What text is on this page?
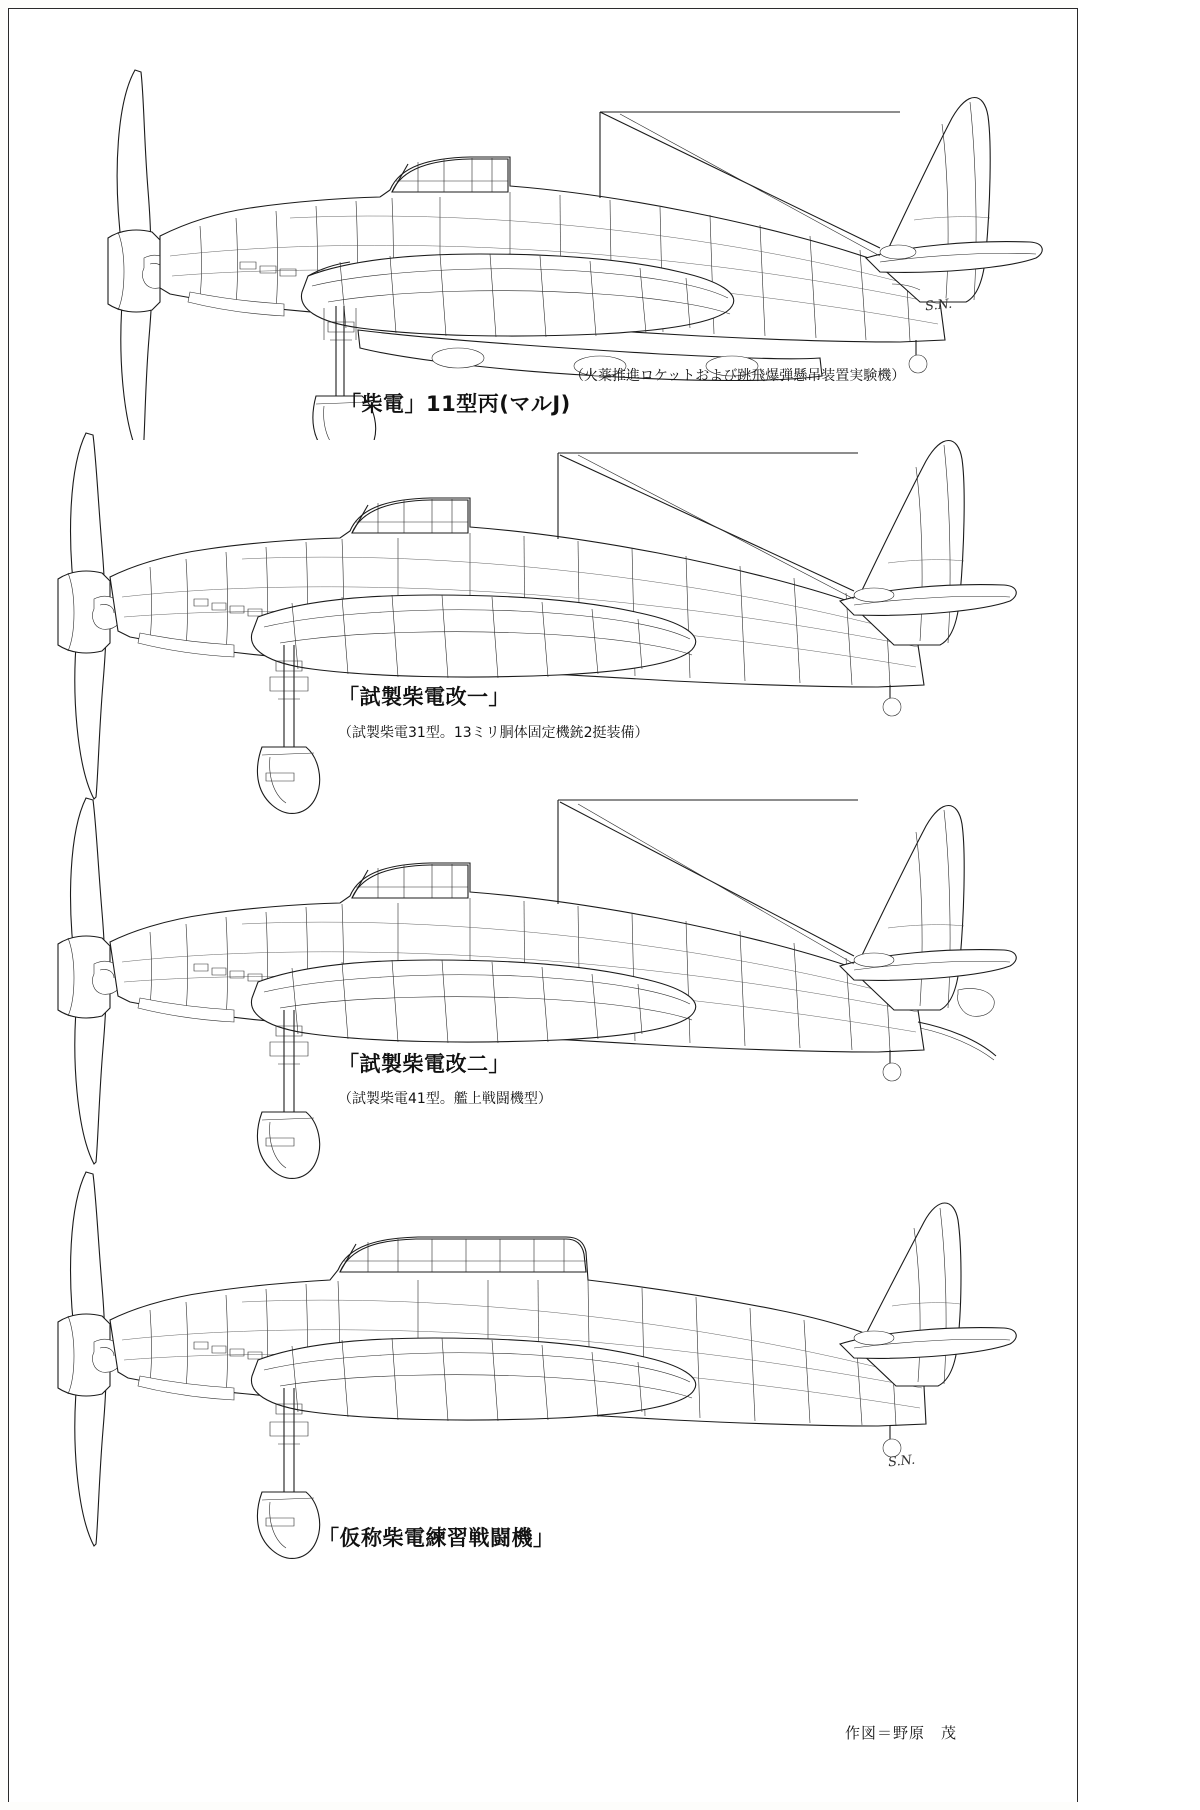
（火薬推進ロケットおよび跳飛爆弾懸吊装置実験機）
「柴電」11型丙(マルJ)
S.N.
「試製柴電改一」
（試製柴電31型。13ミリ胴体固定機銃2挺装備）
「試製柴電改二」
（試製柴電41型。艦上戦闘機型）
S.N.
「仮称柴電練習戦闘機」
作図＝野原　茂
